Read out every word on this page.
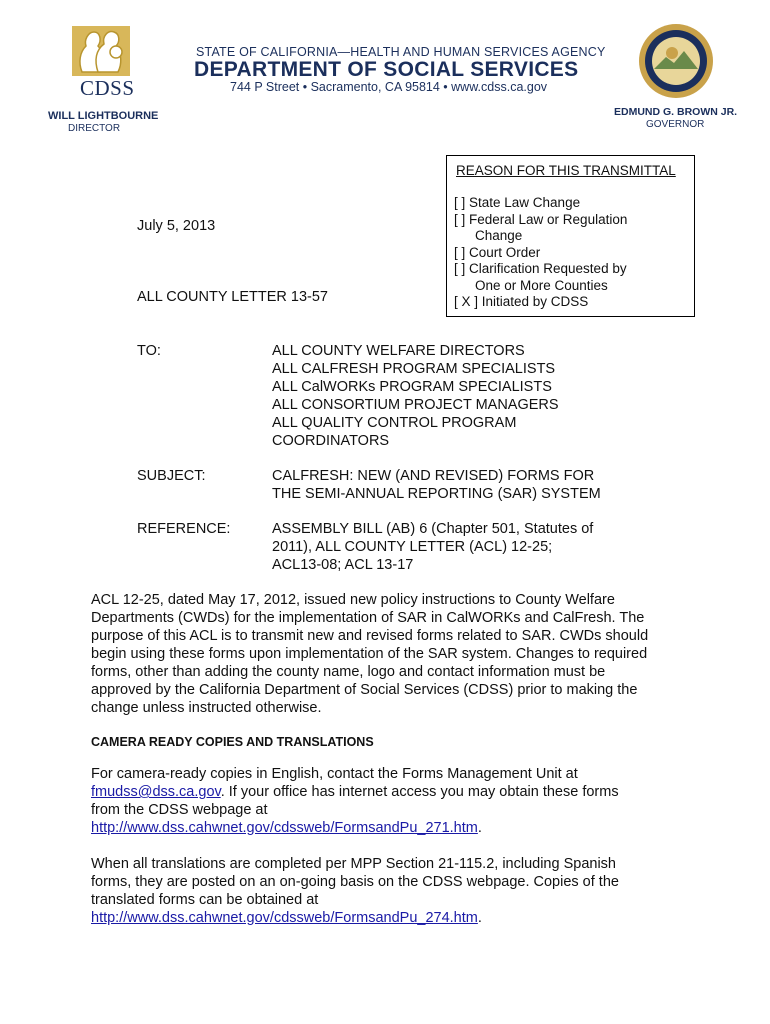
CDSS
WILL LIGHTBOURNE
DIRECTOR
STATE OF CALIFORNIA—HEALTH AND HUMAN SERVICES AGENCY
DEPARTMENT OF SOCIAL SERVICES
744 P Street • Sacramento, CA 95814 • www.cdss.ca.gov
EDMUND G. BROWN JR.
GOVERNOR
REASON FOR THIS TRANSMITTAL
[ ] State Law Change
[ ] Federal Law or Regulation
Change
[ ] Court Order
[ ] Clarification Requested by
One or More Counties
[ X ] Initiated by CDSS
July 5, 2013
ALL COUNTY LETTER 13-57
TO:	ALL COUNTY WELFARE DIRECTORS
ALL CALFRESH PROGRAM SPECIALISTS
ALL CalWORKs PROGRAM SPECIALISTS
ALL CONSORTIUM PROJECT MANAGERS
ALL QUALITY CONTROL PROGRAM
COORDINATORS
SUBJECT:	CALFRESH: NEW (AND REVISED) FORMS FOR
THE SEMI-ANNUAL REPORTING (SAR) SYSTEM
REFERENCE:	ASSEMBLY BILL (AB) 6 (Chapter 501, Statutes of
2011), ALL COUNTY LETTER (ACL) 12-25;
ACL13-08; ACL 13-17
ACL 12-25, dated May 17, 2012, issued new policy instructions to County Welfare
Departments (CWDs) for the implementation of SAR in CalWORKs and CalFresh. The
purpose of this ACL is to transmit new and revised forms related to SAR. CWDs should
begin using these forms upon implementation of the SAR system. Changes to required
forms, other than adding the county name, logo and contact information must be
approved by the California Department of Social Services (CDSS) prior to making the
change unless instructed otherwise.
CAMERA READY COPIES AND TRANSLATIONS
For camera-ready copies in English, contact the Forms Management Unit at
fmudss@dss.ca.gov. If your office has internet access you may obtain these forms
from the CDSS webpage at
http://www.dss.cahwnet.gov/cdssweb/FormsandPu_271.htm.
When all translations are completed per MPP Section 21-115.2, including Spanish
forms, they are posted on an on-going basis on the CDSS webpage. Copies of the
translated forms can be obtained at
http://www.dss.cahwnet.gov/cdssweb/FormsandPu_274.htm.
